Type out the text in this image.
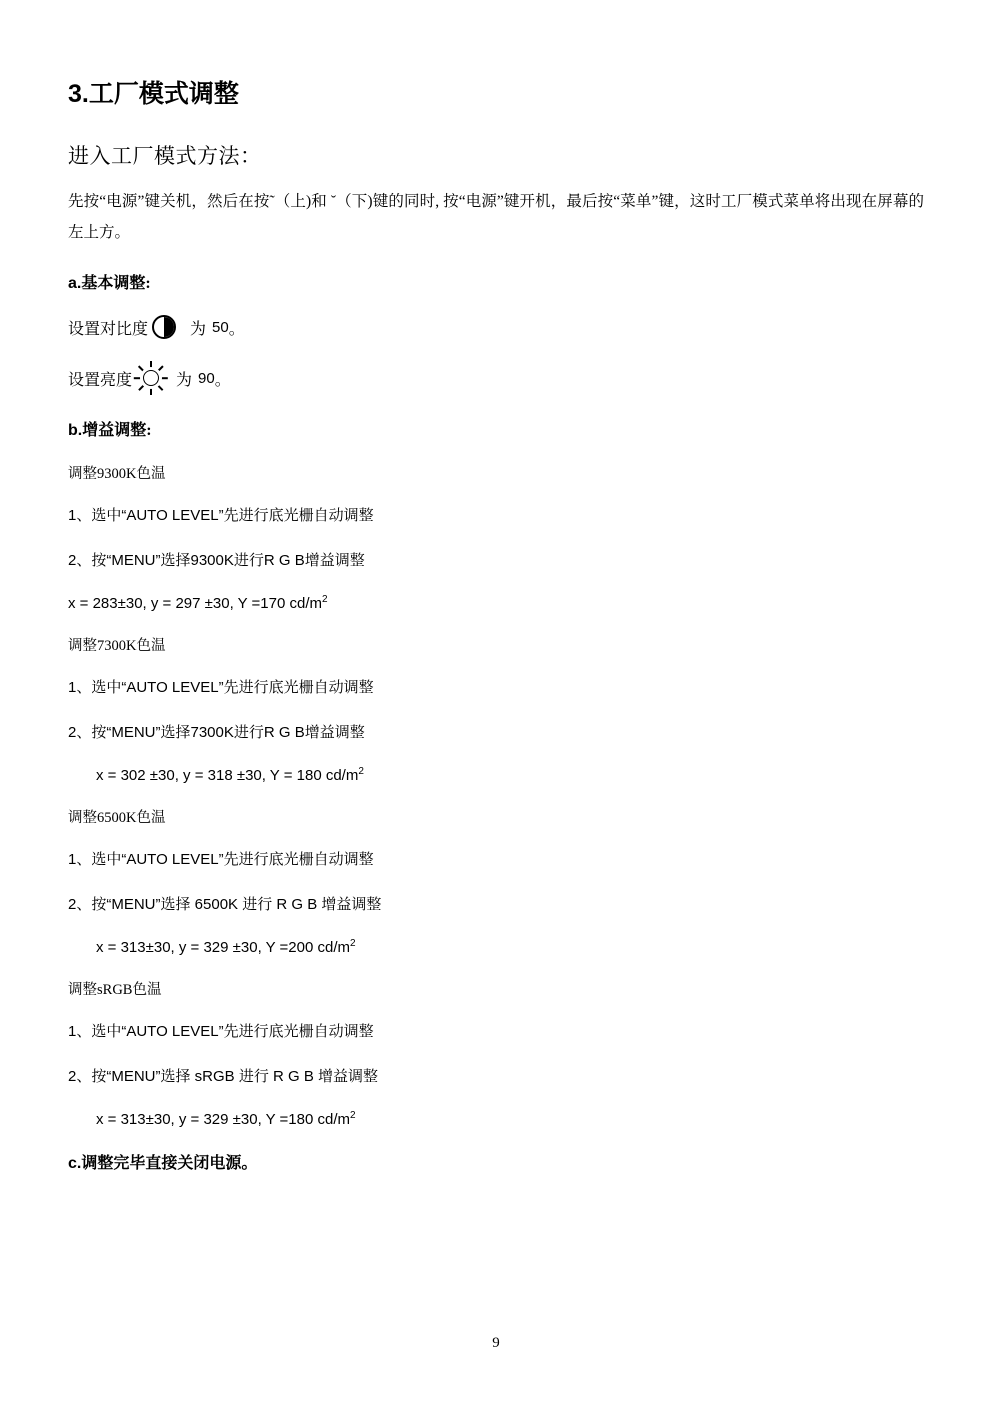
3.工厂模式调整
进入工厂模式方法：
先按“电源”键关机，然后在按˜（上)和 ˘（下)键的同时, 按“电源”键开机，最后按“菜单”键，这时工厂模式菜单将出现在屏幕的左上方。
a.基本调整:
设置对比度	为 50 。
设置亮度	为 90 。
b.增益调整:
调整9300K色温
1、选中“AUTO LEVEL”先进行底光栅自动调整
2、按“MENU”选择9300K进行R G B增益调整
x = 283±30, y = 297 ±30, Y =170 $cd/m^2$
调整7300K色温
1、选中“AUTO LEVEL”先进行底光栅自动调整
2、按“MENU”选择7300K进行R G B增益调整
x = 302 ±30, y = 318 ±30, Y = 180 $cd/m^2$
调整6500K色温
1、选中“AUTO LEVEL”先进行底光栅自动调整
2、按“MENU”选择 6500K 进行 R G B 增益调整
x = 313±30, y = 329 ±30, Y =200 $cd/m^2$
调整sRGB色温
1、选中“AUTO LEVEL”先进行底光栅自动调整
2、按“MENU”选择 sRGB 进行 R G B 增益调整
x = 313±30, y = 329 ±30, Y =180 $cd/m^2$
c.调整完毕直接关闭电源。
9
